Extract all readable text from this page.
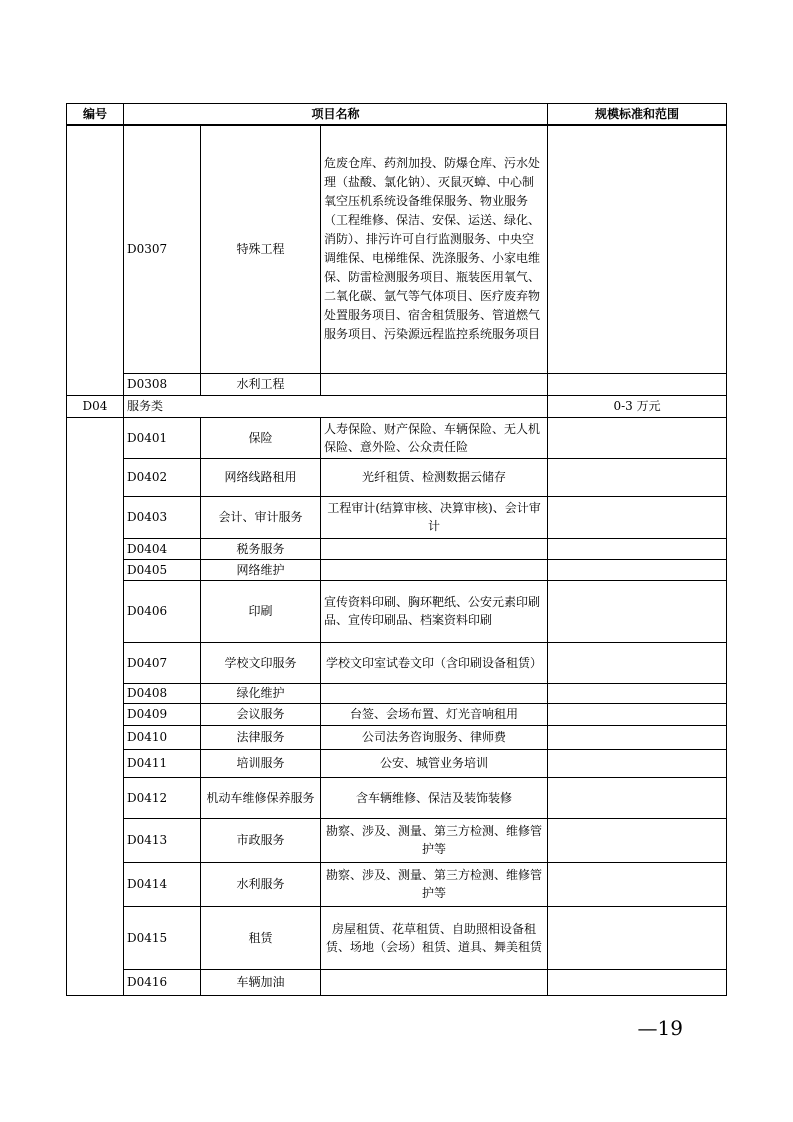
编号	项目名称			规模标准和范围
	D0307	特殊工程	危废仓库、药剂加投、防爆仓库、污水处理（盐酸、氯化钠）、灭鼠灭蟑、中心制氧空压机系统设备维保服务、物业服务（工程维修、保洁、安保、运送、绿化、消防）、排污许可自行监测服务、中央空调维保、电梯维保、洗涤服务、小家电维保、防雷检测服务项目、瓶装医用氧气、二氧化碳、氩气等气体项目、医疗废弃物处置服务项目、宿舍租赁服务、管道燃气服务项目、污染源远程监控系统服务项目	
	D0308	水利工程		
D04	服务类			0-3 万元
	D0401	保险	人寿保险、财产保险、车辆保险、无人机保险、意外险、公众责任险	
	D0402	网络线路租用	光纤租赁、检测数据云储存	
	D0403	会计、审计服务	工程审计(结算审核、决算审核)、会计审计	
	D0404	税务服务		
	D0405	网络维护		
	D0406	印刷	宣传资料印刷、胸环靶纸、公安元素印刷品、宣传印刷品、档案资料印刷	
	D0407	学校文印服务	学校文印室试卷文印（含印刷设备租赁）	
	D0408	绿化维护		
	D0409	会议服务	台签、会场布置、灯光音响租用	
	D0410	法律服务	公司法务咨询服务、律师费	
	D0411	培训服务	公安、城管业务培训	
	D0412	机动车维修保养服务	含车辆维修、保洁及装饰装修	
	D0413	市政服务	勘察、涉及、测量、第三方检测、维修管护等	
	D0414	水利服务	勘察、涉及、测量、第三方检测、维修管护等	
	D0415	租赁	房屋租赁、花草租赁、自助照相设备租赁、场地（会场）租赁、道具、舞美租赁	
	D0416	车辆加油		
—19
